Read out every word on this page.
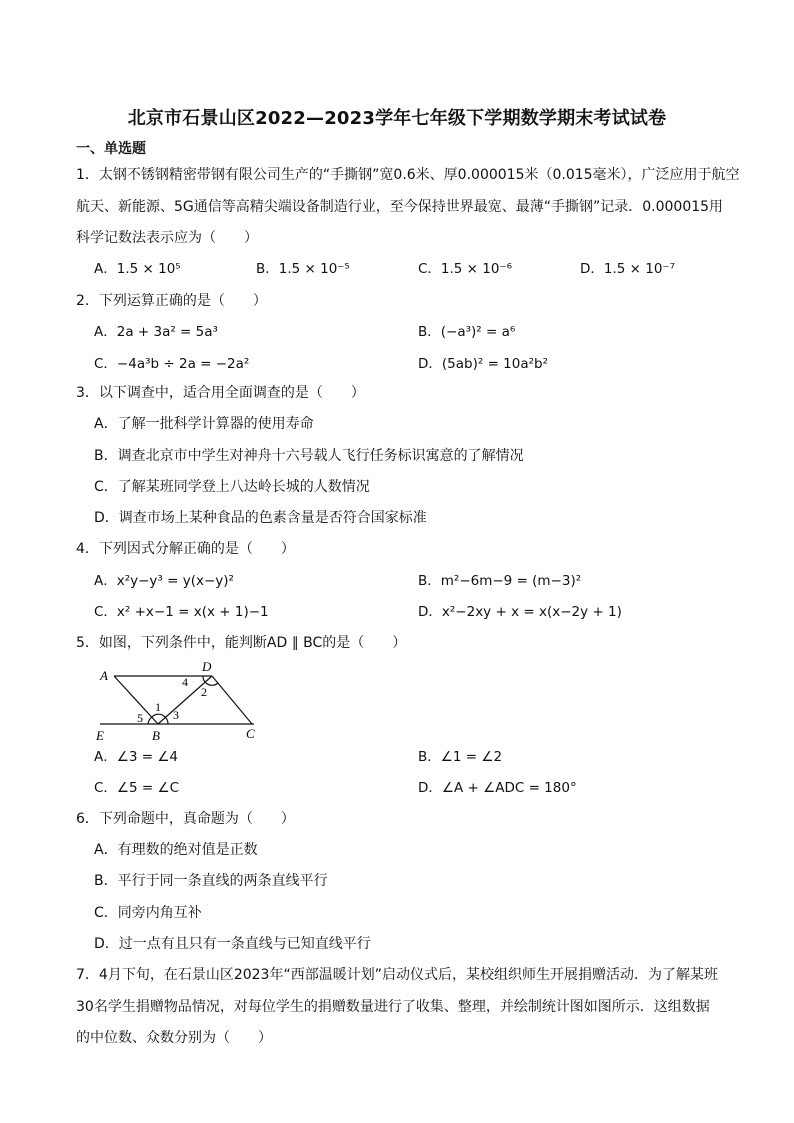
北京市石景山区2022—2023学年七年级下学期数学期末考试试卷
一、单选题
1．太钢不锈钢精密带钢有限公司生产的“手撕钢”宽0.6米、厚0.000015米（0.015毫米），广泛应用于航空
航天、新能源、5G通信等高精尖端设备制造行业，至今保持世界最宽、最薄“手撕钢”记录．0.000015用
科学记数法表示应为（　　）
A．1.5 × 10⁵	B．1.5 × 10⁻⁵	C．1.5 × 10⁻⁶	D．1.5 × 10⁻⁷
2．下列运算正确的是（　　）
A．2a + 3a² = 5a³	B．(−a³)² = a⁶
C．−4a³b ÷ 2a = −2a²	D．(5ab)² = 10a²b²
3．以下调查中，适合用全面调查的是（　　）
A．了解一批科学计算器的使用寿命
B．调查北京市中学生对神舟十六号载人飞行任务标识寓意的了解情况
C．了解某班同学登上八达岭长城的人数情况
D．调查市场上某种食品的色素含量是否符合国家标准
4．下列因式分解正确的是（　　）
A．x²y−y³ = y(x−y)²	B．m²−6m−9 = (m−3)²
C．x² +x−1 = x(x + 1)−1	D．x²−2xy + x = x(x−2y + 1)
5．如图，下列条件中，能判断AD ∥ BC的是（　　）
A
D
E	B	C
1
2
3
4
5
A．∠3 = ∠4	B．∠1 = ∠2
C．∠5 = ∠C	D．∠A + ∠ADC = 180°
6．下列命题中，真命题为（　　）
A．有理数的绝对值是正数
B．平行于同一条直线的两条直线平行
C．同旁内角互补
D．过一点有且只有一条直线与已知直线平行
7．4月下旬，在石景山区2023年“西部温暖计划”启动仪式后，某校组织师生开展捐赠活动．为了解某班
30名学生捐赠物品情况，对每位学生的捐赠数量进行了收集、整理，并绘制统计图如图所示．这组数据
的中位数、众数分别为（　　）
